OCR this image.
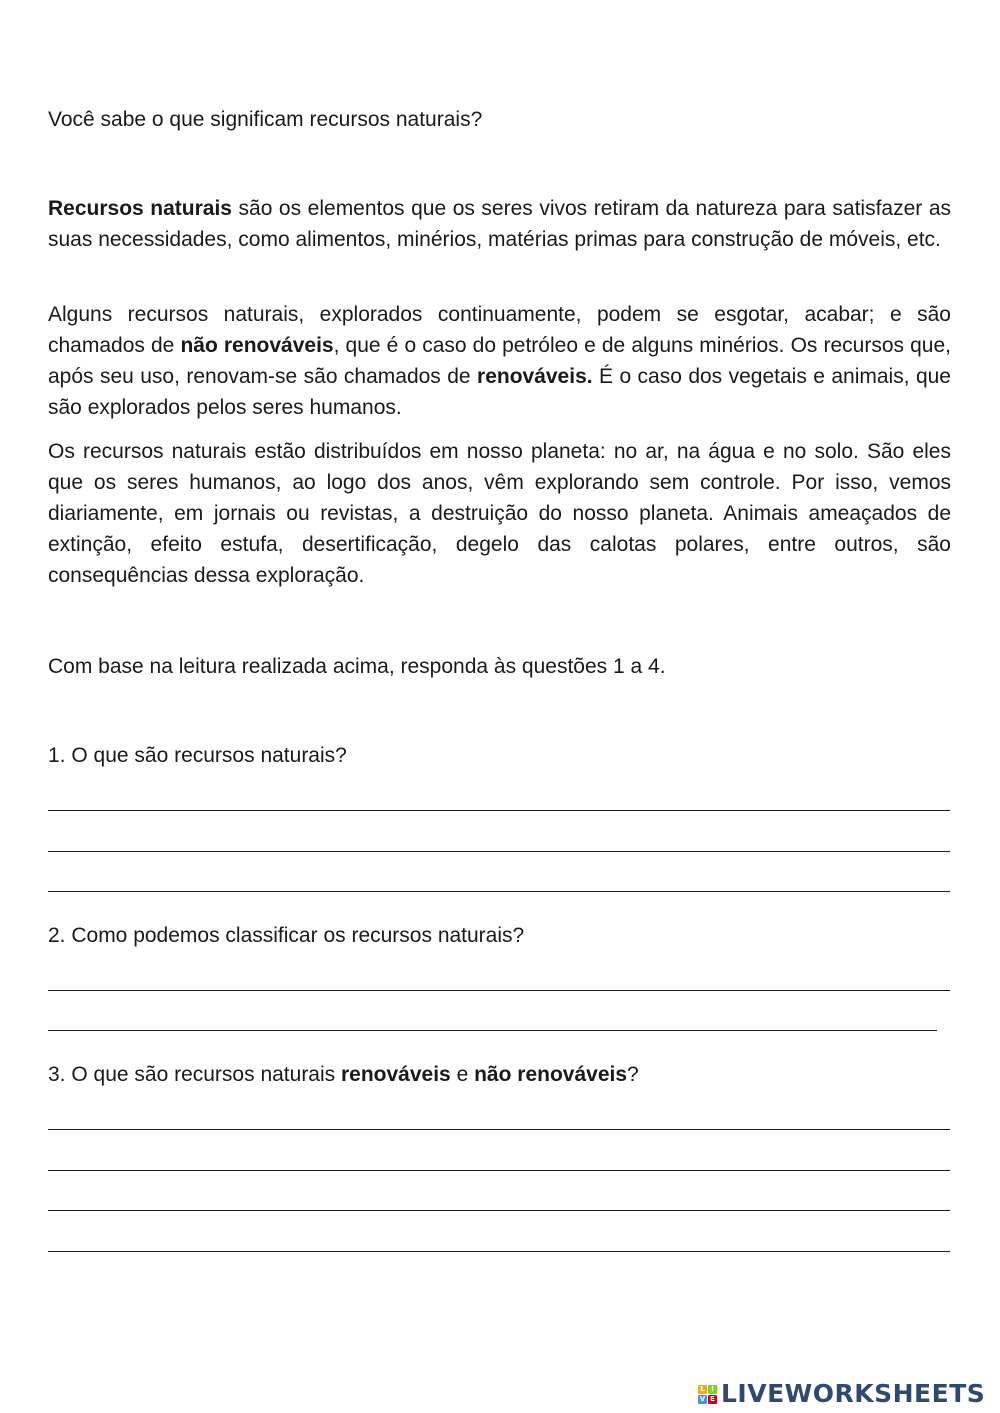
Você sabe o que significam recursos naturais?

Recursos naturais são os elementos que os seres vivos retiram da natureza para satisfazer as suas necessidades, como alimentos, minérios, matérias primas para construção de móveis, etc.

Alguns recursos naturais, explorados continuamente, podem se esgotar, acabar; e são chamados de não renováveis, que é o caso do petróleo e de alguns minérios. Os recursos que, após seu uso, renovam-se são chamados de renováveis. É o caso dos vegetais e animais, que são explorados pelos seres humanos.

Os recursos naturais estão distribuídos em nosso planeta: no ar, na água e no solo. São eles que os seres humanos, ao logo dos anos, vêm explorando sem controle. Por isso, vemos diariamente, em jornais ou revistas, a destruição do nosso planeta. Animais ameaçados de extinção, efeito estufa, desertificação, degelo das calotas polares, entre outros, são consequências dessa exploração.

Com base na leitura realizada acima, responda às questões 1 a 4.

1. O que são recursos naturais?

2. Como podemos classificar os recursos naturais?

3. O que são recursos naturais renováveis e não renováveis?

L I
V E LIVEWORKSHEETS
